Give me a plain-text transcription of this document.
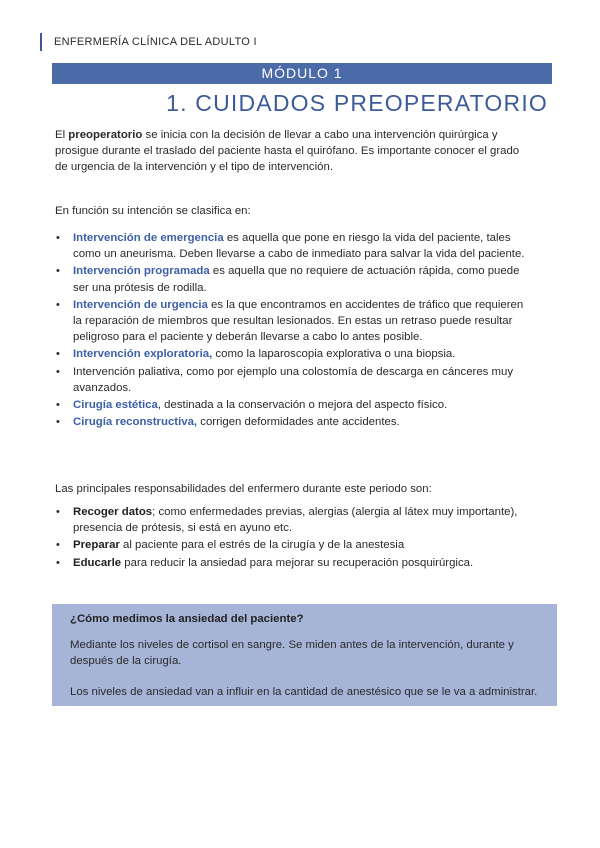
ENFERMERÍA CLÍNICA DEL ADULTO I
MÓDULO 1
1. CUIDADOS PREOPERATORIO
El preoperatorio se inicia con la decisión de llevar a cabo una intervención quirúrgica y prosigue durante el traslado del paciente hasta el quirófano. Es importante conocer el grado de urgencia de la intervención y el tipo de intervención.
En función su intención se clasifica en:
• Intervención de emergencia es aquella que pone en riesgo la vida del paciente, tales como un aneurisma. Deben llevarse a cabo de inmediato para salvar la vida del paciente.
• Intervención programada es aquella que no requiere de actuación rápida, como puede ser una prótesis de rodilla.
• Intervención de urgencia es la que encontramos en accidentes de tráfico que requieren la reparación de miembros que resultan lesionados. En estas un retraso puede resultar peligroso para el paciente y deberán llevarse a cabo lo antes posible.
• Intervención exploratoria, como la laparoscopia explorativa o una biopsia.
• Intervención paliativa, como por ejemplo una colostomía de descarga en cánceres muy avanzados.
• Cirugía estética, destinada a la conservación o mejora del aspecto físico.
• Cirugía reconstructiva, corrigen deformidades ante accidentes.
Las principales responsabilidades del enfermero durante este periodo son:
• Recoger datos; como enfermedades previas, alergias (alergia al látex muy importante), presencia de prótesis, si está en ayuno etc.
• Preparar al paciente para el estrés de la cirugía y de la anestesia
• Educarle para reducir la ansiedad para mejorar su recuperación posquirúrgica.
¿Cómo medimos la ansiedad del paciente?
Mediante los niveles de cortisol en sangre. Se miden antes de la intervención, durante y después de la cirugía.
Los niveles de ansiedad van a influir en la cantidad de anestésico que se le va a administrar.
